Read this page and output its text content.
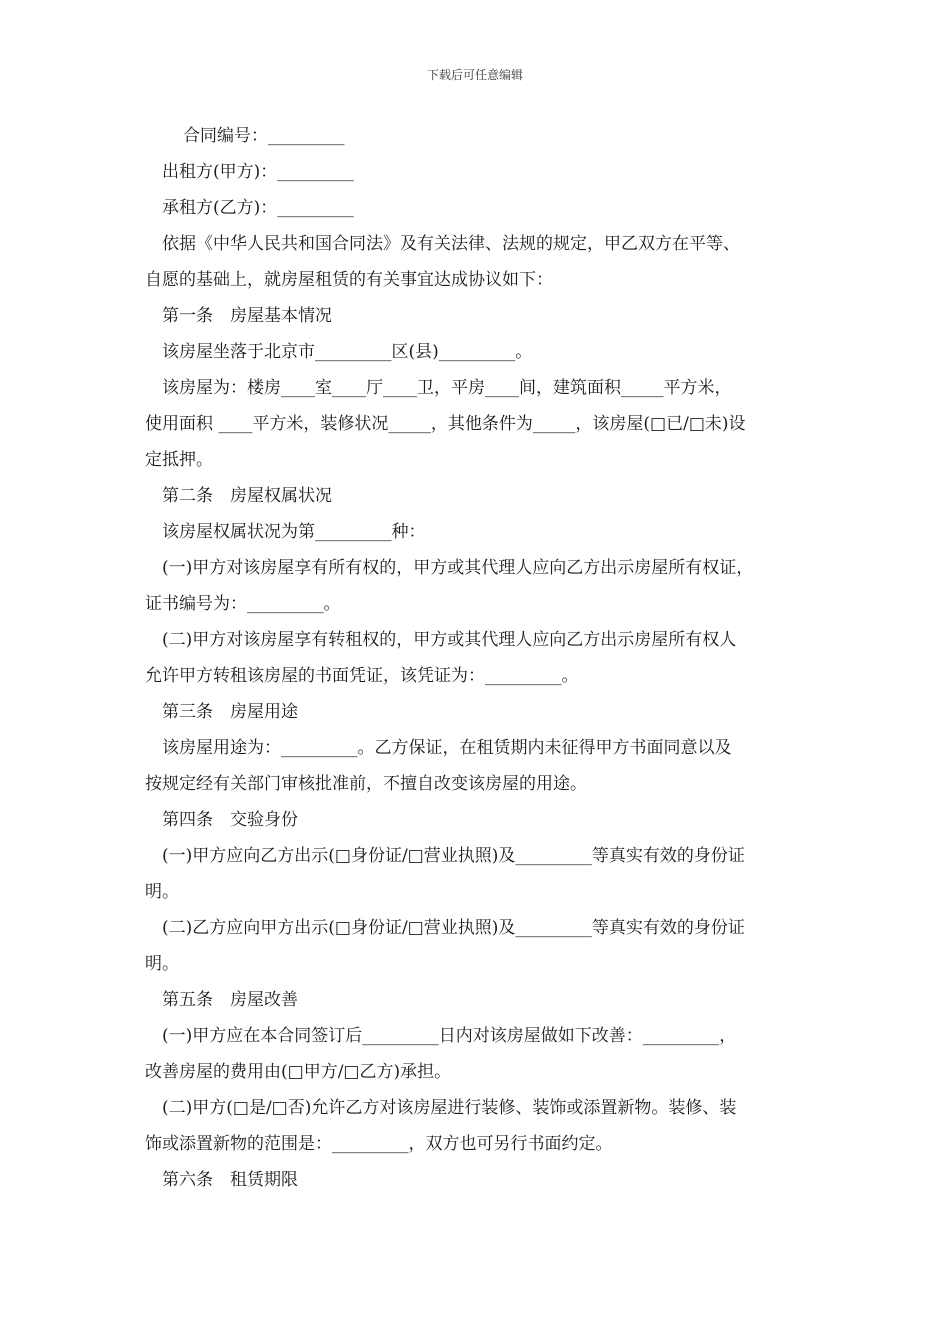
下载后可任意编辑
合同编号：_________
出租方(甲方)：_________
承租方(乙方)：_________
依据《中华人民共和国合同法》及有关法律、法规的规定，甲乙双方在平等、
自愿的基础上，就房屋租赁的有关事宜达成协议如下：
第一条　房屋基本情况
该房屋坐落于北京市_________区(县)_________。
该房屋为：楼房____室____厅____卫，平房____间，建筑面积_____平方米，
使用面积 ____平方米，装修状况_____，其他条件为_____，该房屋(□已/□未)设
定抵押。
第二条　房屋权属状况
该房屋权属状况为第_________种：
(一)甲方对该房屋享有所有权的，甲方或其代理人应向乙方出示房屋所有权证，
证书编号为：_________。
(二)甲方对该房屋享有转租权的，甲方或其代理人应向乙方出示房屋所有权人
允许甲方转租该房屋的书面凭证，该凭证为：_________。
第三条　房屋用途
该房屋用途为：_________。乙方保证，在租赁期内未征得甲方书面同意以及
按规定经有关部门审核批准前，不擅自改变该房屋的用途。
第四条　交验身份
(一)甲方应向乙方出示(□身份证/□营业执照)及_________等真实有效的身份证
明。
(二)乙方应向甲方出示(□身份证/□营业执照)及_________等真实有效的身份证
明。
第五条　房屋改善
(一)甲方应在本合同签订后_________日内对该房屋做如下改善：_________，
改善房屋的费用由(□甲方/□乙方)承担。
(二)甲方(□是/□否)允许乙方对该房屋进行装修、装饰或添置新物。装修、装
饰或添置新物的范围是：_________，双方也可另行书面约定。
第六条　租赁期限
